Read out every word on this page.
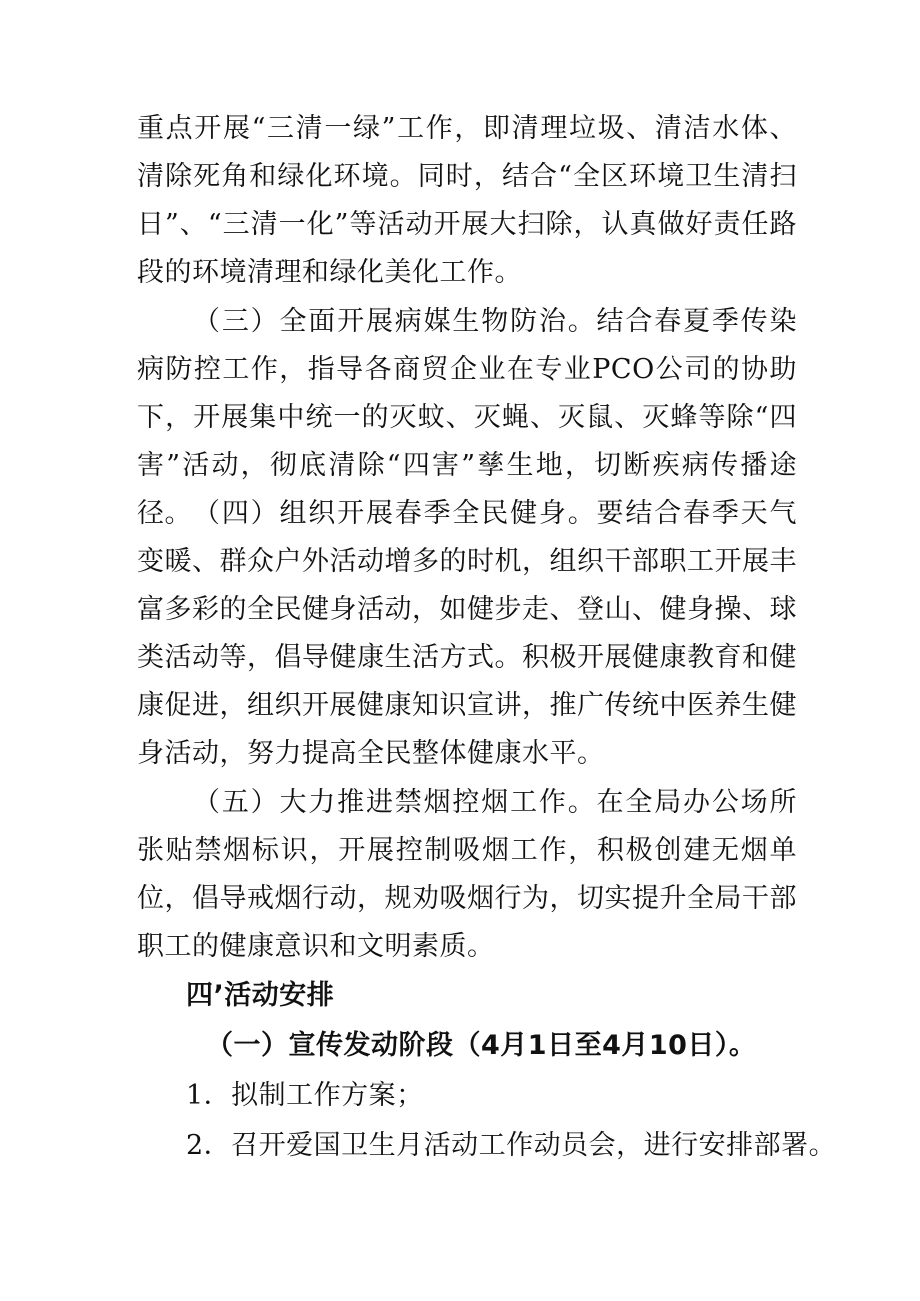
重点开展“三清一绿”工作，即清理垃圾、清洁水体、清除死角和绿化环境。同时，结合“全区环境卫生清扫日”、“三清一化”等活动开展大扫除，认真做好责任路段的环境清理和绿化美化工作。

（三）全面开展病媒生物防治。结合春夏季传染病防控工作，指导各商贸企业在专业PCO公司的协助下，开展集中统一的灭蚊、灭蝇、灭鼠、灭蜂等除“四害”活动，彻底清除“四害”孳生地，切断疾病传播途径。 （四）组织开展春季全民健身。要结合春季天气变暖、群众户外活动增多的时机，组织干部职工开展丰富多彩的全民健身活动，如健步走、登山、健身操、球类活动等，倡导健康生活方式。积极开展健康教育和健康促进，组织开展健康知识宣讲，推广传统中医养生健身活动，努力提高全民整体健康水平。

（五）大力推进禁烟控烟工作。在全局办公场所张贴禁烟标识，开展控制吸烟工作，积极创建无烟单位，倡导戒烟行动，规劝吸烟行为，切实提升全局干部职工的健康意识和文明素质。

四’活动安排

（一）宣传发动阶段（4月1日至4月10日）。

1．拟制工作方案；

2．召开爱国卫生月活动工作动员会，进行安排部署。
